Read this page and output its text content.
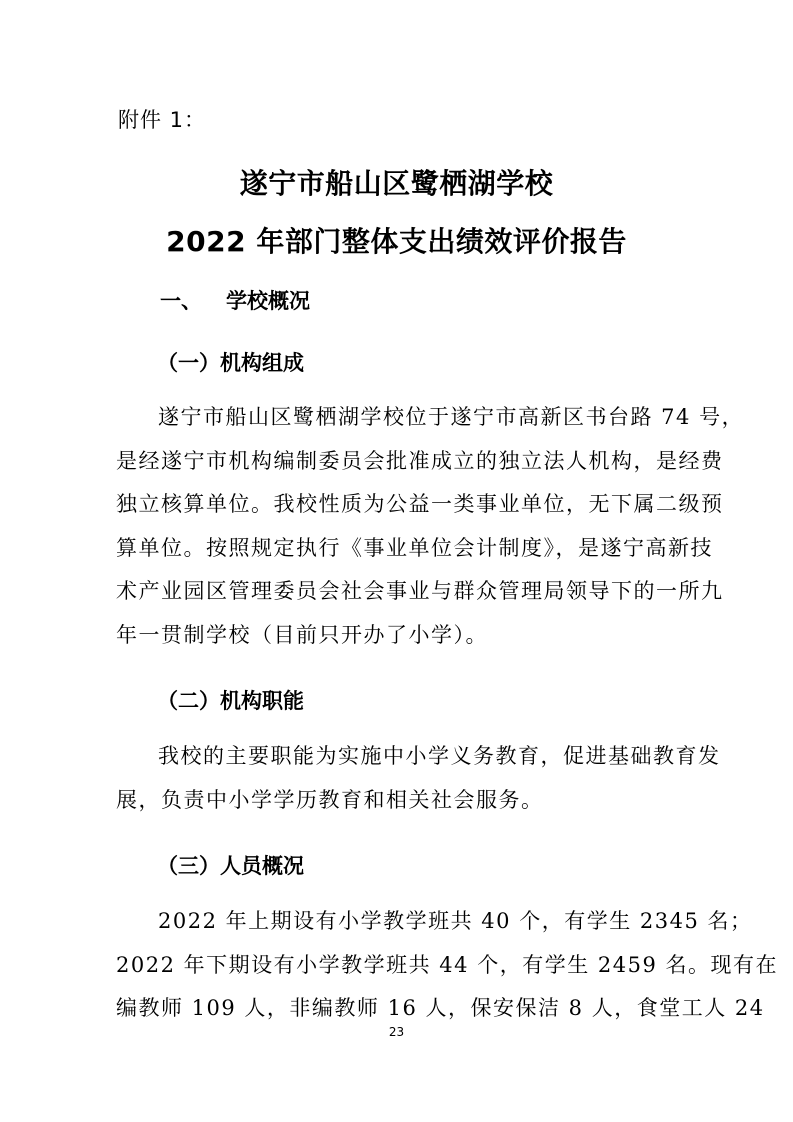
附件 1：
遂宁市船山区鹭栖湖学校
2022 年部门整体支出绩效评价报告
一、 学校概况
（一）机构组成
遂宁市船山区鹭栖湖学校位于遂宁市高新区书台路 74 号，
是经遂宁市机构编制委员会批准成立的独立法人机构，是经费
独立核算单位。我校性质为公益一类事业单位，无下属二级预
算单位。按照规定执行《事业单位会计制度》，是遂宁高新技
术产业园区管理委员会社会事业与群众管理局领导下的一所九
年一贯制学校（目前只开办了小学）。
（二）机构职能
我校的主要职能为实施中小学义务教育，促进基础教育发
展，负责中小学学历教育和相关社会服务。
（三）人员概况
2022 年上期设有小学教学班共 40 个，有学生 2345 名；
2022 年下期设有小学教学班共 44 个，有学生 2459 名。现有在
编教师 109 人，非编教师 16 人，保安保洁 8 人，食堂工人 24
23
